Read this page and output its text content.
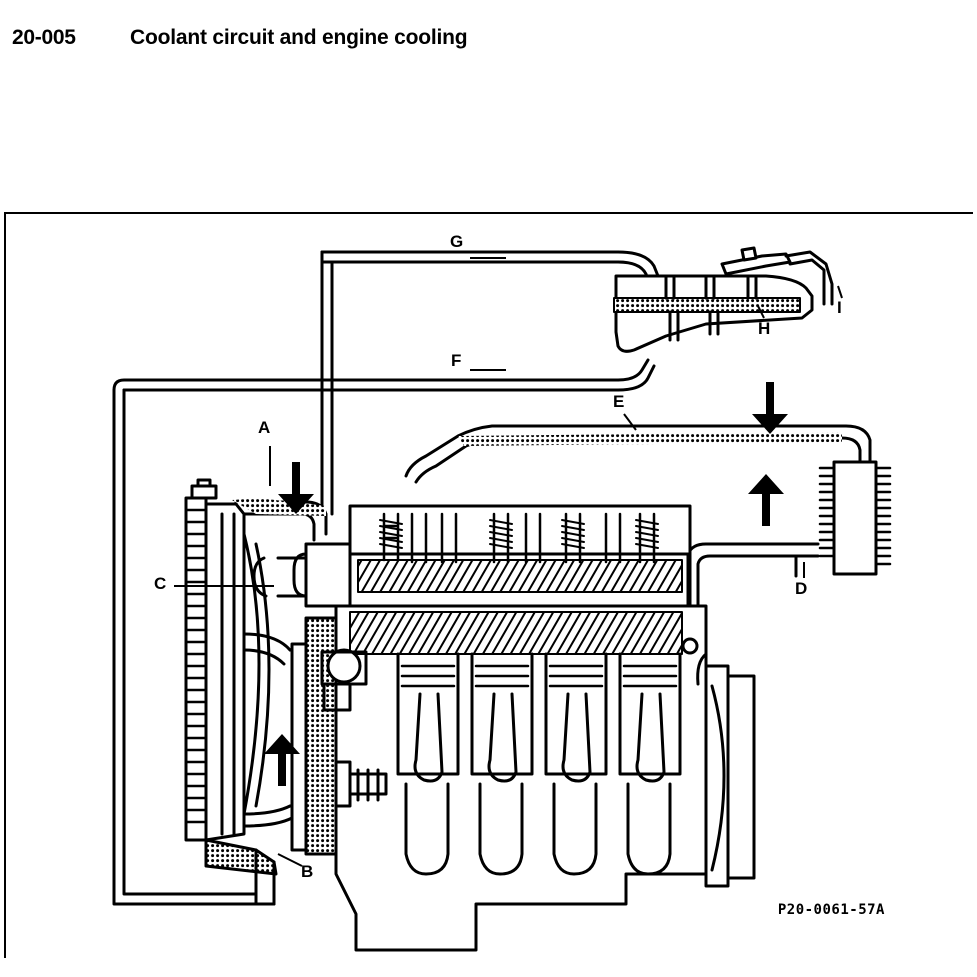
20-005	Coolant circuit and engine cooling
A
B
C	D
E
F
G
H
I
P20-0061-57A
